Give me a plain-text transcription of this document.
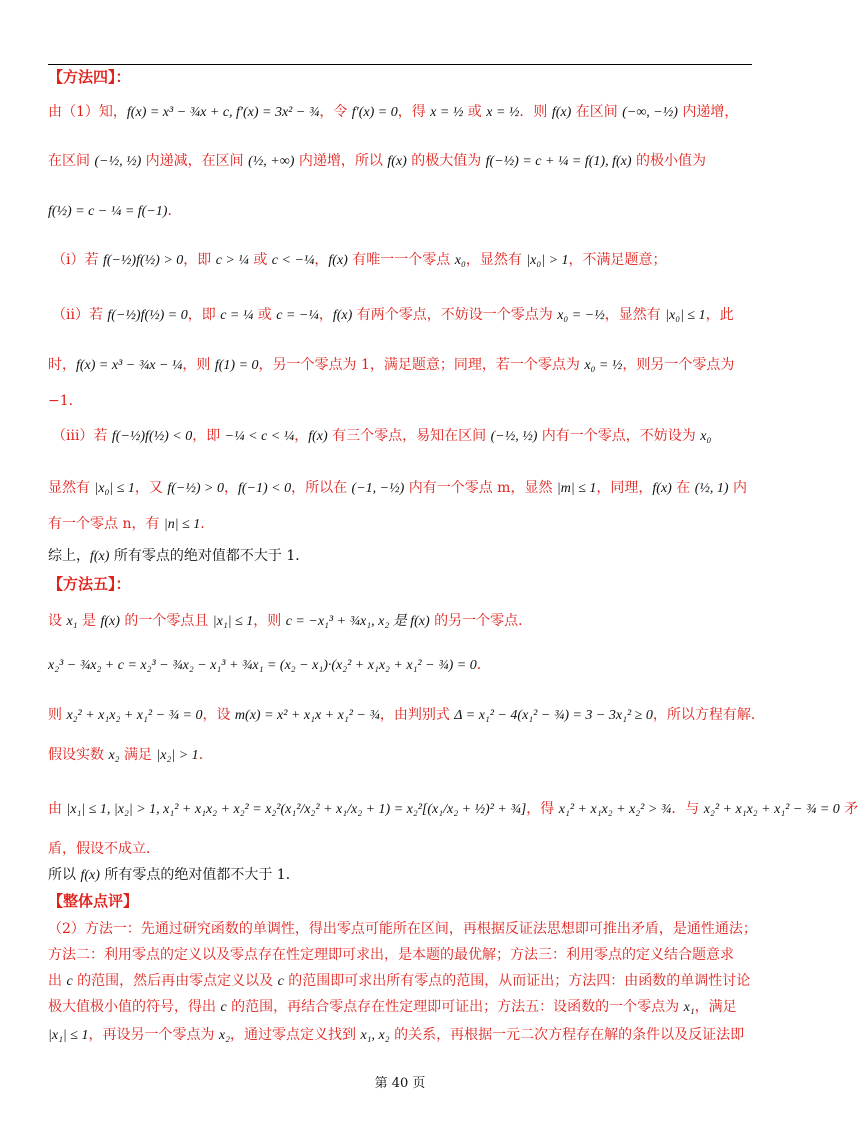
【方法四】：
由（1）知，f(x) = x³ − ¾x + c, f′(x) = 3x² − ¾，令 f′(x) = 0，得 x = ½ 或 x = ½．则 f(x) 在区间 (−∞, −½) 内递增，
在区间 (−½, ½) 内递减，在区间 (½, +∞) 内递增，所以 f(x) 的极大值为 f(−½) = c + ¼ = f(1), f(x) 的极小值为
f(½) = c − ¼ = f(−1)．
（ⅰ）若 f(−½)f(½) > 0，即 c > ¼ 或 c < −¼，f(x) 有唯一一个零点 x₀，显然有 |x₀| > 1，不满足题意；
（ⅱ）若 f(−½)f(½) = 0，即 c = ¼ 或 c = −¼，f(x) 有两个零点，不妨设一个零点为 x₀ = −½，显然有 |x₀| ≤ 1，此
时，f(x) = x³ − ¾x − ¼，则 f(1) = 0，另一个零点为 1，满足题意；同理，若一个零点为 x₀ = ½，则另一个零点为
−1．
（ⅲ）若 f(−½)f(½) < 0，即 −¼ < c < ¼，f(x) 有三个零点，易知在区间 (−½, ½) 内有一个零点，不妨设为 x₀
显然有 |x₀| ≤ 1，又 f(−½) > 0，f(−1) < 0，所以在 (−1, −½) 内有一个零点 m，显然 |m| ≤ 1，同理，f(x) 在 (½, 1) 内
有一个零点 n，有 |n| ≤ 1．
综上，f(x) 所有零点的绝对值都不大于 1．
【方法五】：
设 x₁ 是 f(x) 的一个零点且 |x₁| ≤ 1，则 c = −x₁³ + ¾x₁, x₂ 是 f(x) 的另一个零点．
x₂³ − ¾x₂ + c = x₂³ − ¾x₂ − x₁³ + ¾x₁ = (x₂ − x₁)·(x₂² + x₁x₂ + x₁² − ¾) = 0．
则 x₂² + x₁x₂ + x₁² − ¾ = 0，设 m(x) = x² + x₁x + x₁² − ¾，由判别式 Δ = x₁² − 4(x₁² − ¾) = 3 − 3x₁² ≥ 0，所以方程有解．
假设实数 x₂ 满足 |x₂| > 1．
由 |x₁| ≤ 1, |x₂| > 1, x₁² + x₁x₂ + x₂² = x₂²(x₁²/x₂² + x₁/x₂ + 1) = x₂²[(x₁/x₂ + ½)² + ¾]，得 x₁² + x₁x₂ + x₂² > ¾．与 x₂² + x₁x₂ + x₁² − ¾ = 0 矛
盾，假设不成立．
所以 f(x) 所有零点的绝对值都不大于 1．
【整体点评】
（2）方法一：先通过研究函数的单调性，得出零点可能所在区间，再根据反证法思想即可推出矛盾，是通性通法；
方法二：利用零点的定义以及零点存在性定理即可求出，是本题的最优解；方法三：利用零点的定义结合题意求
出 c 的范围，然后再由零点定义以及 c 的范围即可求出所有零点的范围，从而证出；方法四：由函数的单调性讨论
极大值极小值的符号，得出 c 的范围，再结合零点存在性定理即可证出；方法五：设函数的一个零点为 x₁，满足
|x₁| ≤ 1，再设另一个零点为 x₂，通过零点定义找到 x₁, x₂ 的关系，再根据一元二次方程存在解的条件以及反证法即
第 40 页
